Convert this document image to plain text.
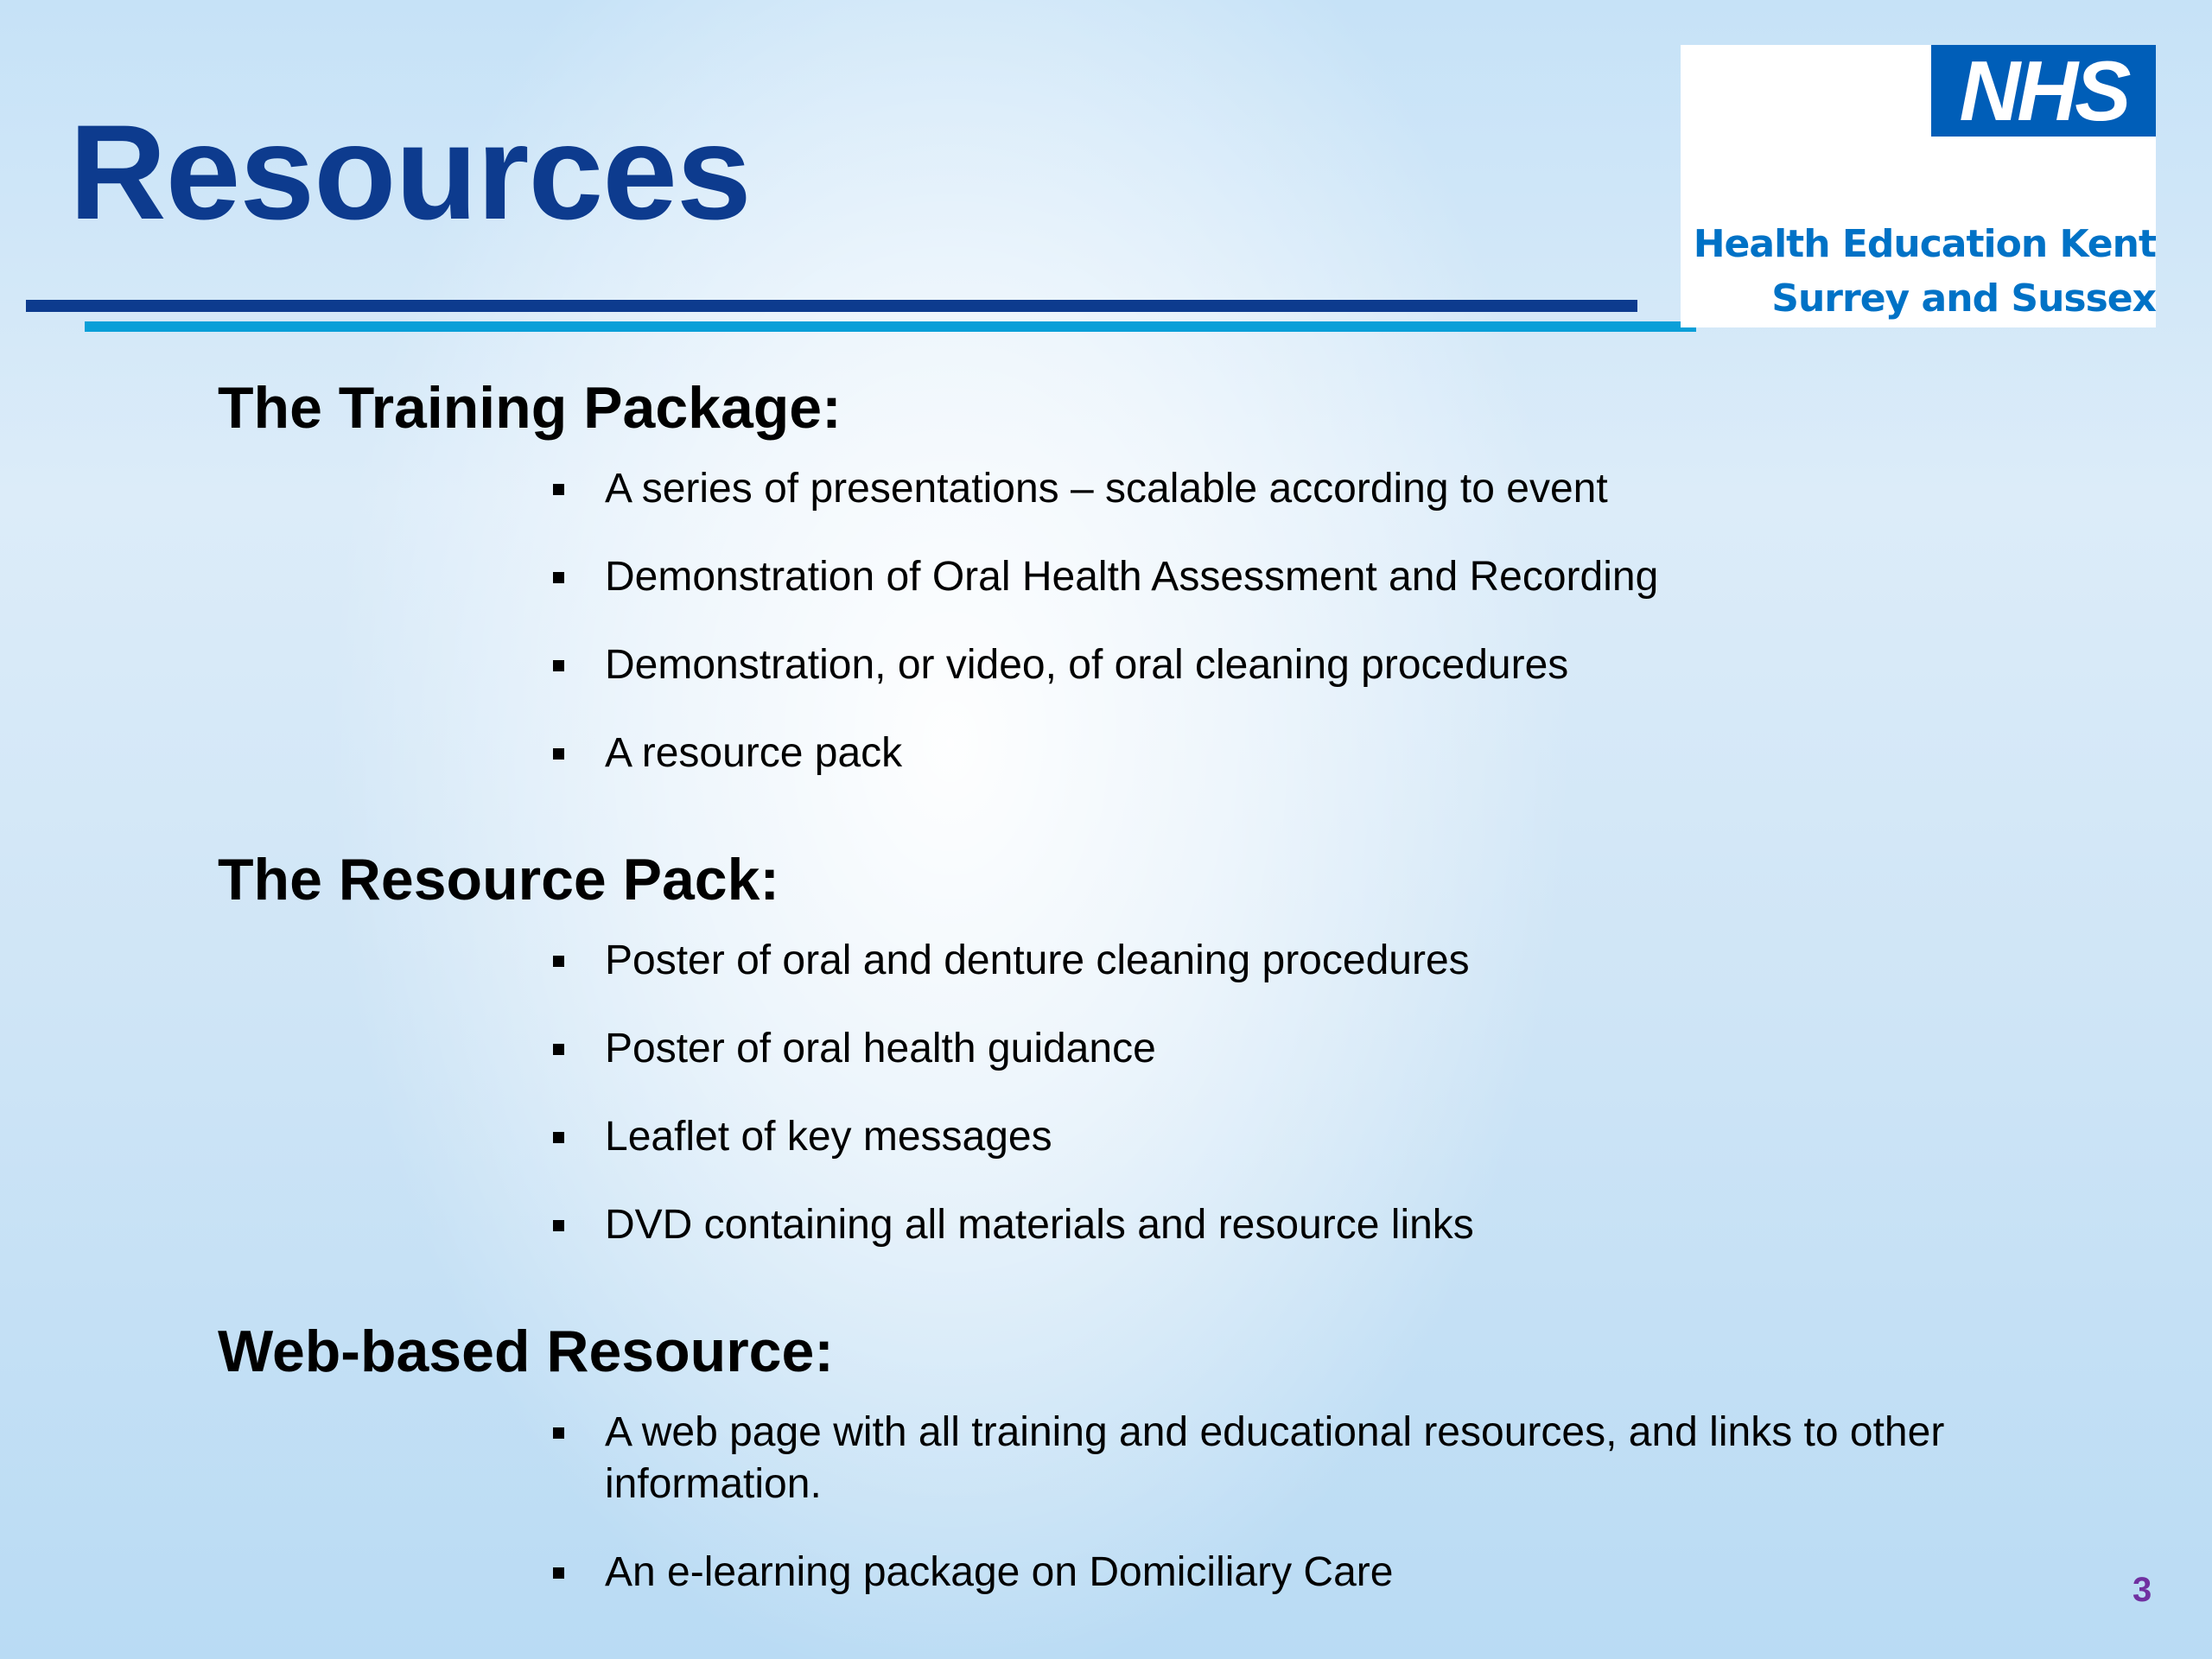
Resources
NHS
Health Education Kent
Surrey and Sussex
The Training Package:
A series of presentations – scalable according to event
Demonstration of Oral Health Assessment and Recording
Demonstration, or video, of oral cleaning procedures
A resource pack
The Resource Pack:
Poster of oral and denture cleaning procedures
Poster of oral health guidance
Leaflet of key messages
DVD containing all materials and resource links
Web-based Resource:
A web page with all training and educational resources, and links to other information.
An e-learning package on Domiciliary Care	3
